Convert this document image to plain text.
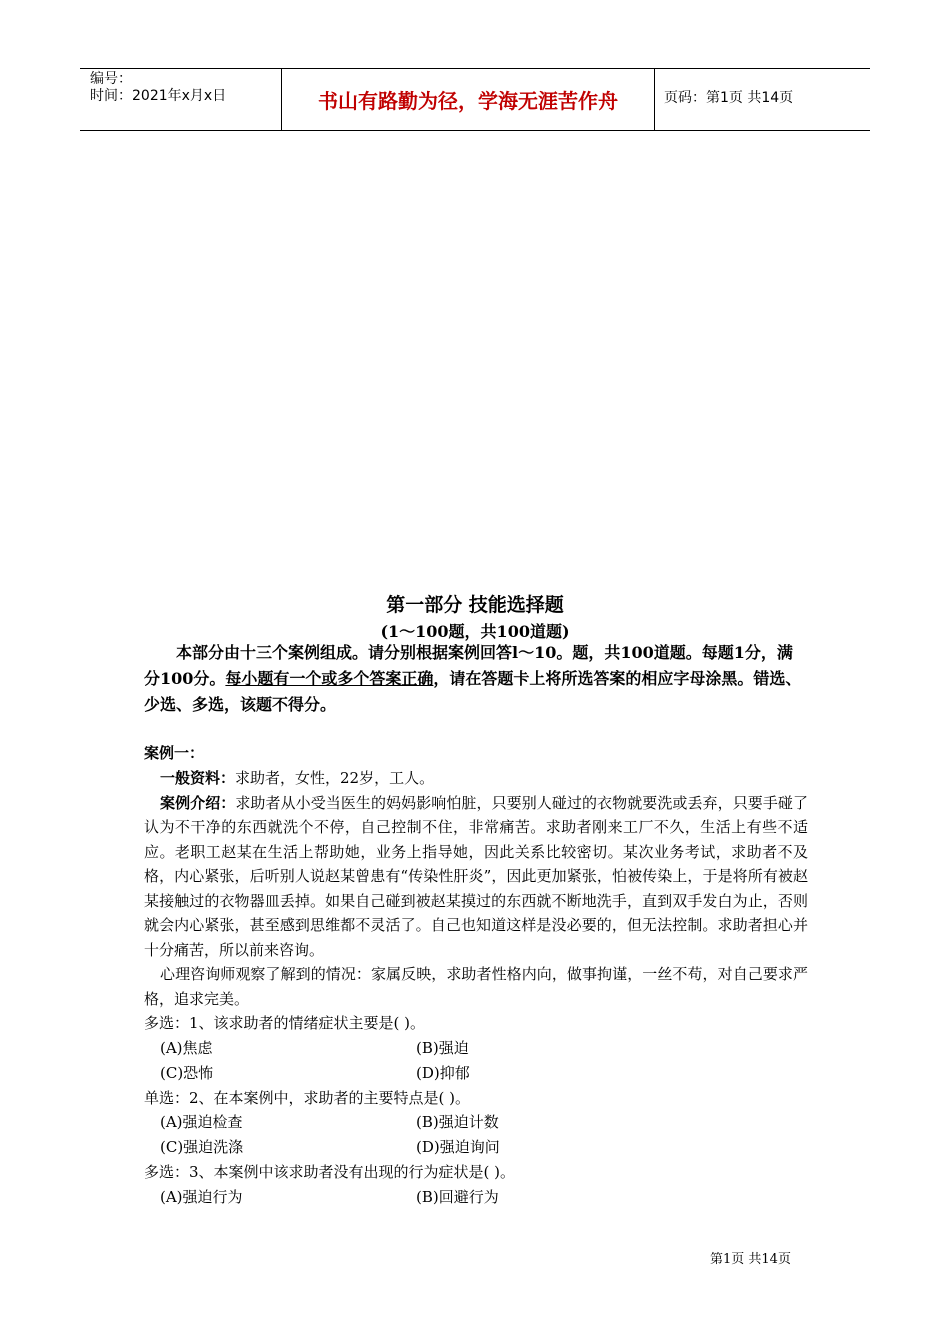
编号：
时间：2021年x月x日	书山有路勤为径，学海无涯苦作舟	页码：第1页 共14页
第一部分 技能选择题
(1～100题，共100道题)
本部分由十三个案例组成。请分别根据案例回答l～10。题，共100道题。每题1分，满分100分。每小题有一个或多个答案正确，请在答题卡上将所选答案的相应字母涂黑。错选、少选、多选，该题不得分。
案例一：

一般资料：求助者，女性，22岁，工人。

案例介绍：求助者从小受当医生的妈妈影响怕脏，只要别人碰过的衣物就要洗或丢弃，只要手碰了认为不干净的东西就洗个不停，自己控制不住，非常痛苦。求助者刚来工厂不久，生活上有些不适应。老职工赵某在生活上帮助她，业务上指导她，因此关系比较密切。某次业务考试，求助者不及格，内心紧张，后听别人说赵某曾患有“传染性肝炎”，因此更加紧张，怕被传染上，于是将所有被赵某接触过的衣物器皿丢掉。如果自己碰到被赵某摸过的东西就不断地洗手，直到双手发白为止，否则就会内心紧张，甚至感到思维都不灵活了。自己也知道这样是没必要的，但无法控制。求助者担心并十分痛苦，所以前来咨询。

心理咨询师观察了解到的情况：家属反映，求助者性格内向，做事拘谨，一丝不苟，对自己要求严格，追求完美。

多选：1、该求助者的情绪症状主要是( )。

(A)焦虑	(B)强迫
(C)恐怖	(D)抑郁

单选：2、在本案例中，求助者的主要特点是( )。

(A)强迫检查	(B)强迫计数
(C)强迫洗涤	(D)强迫询问

多选：3、本案例中该求助者没有出现的行为症状是( )。

(A)强迫行为	(B)回避行为
第1页 共14页
